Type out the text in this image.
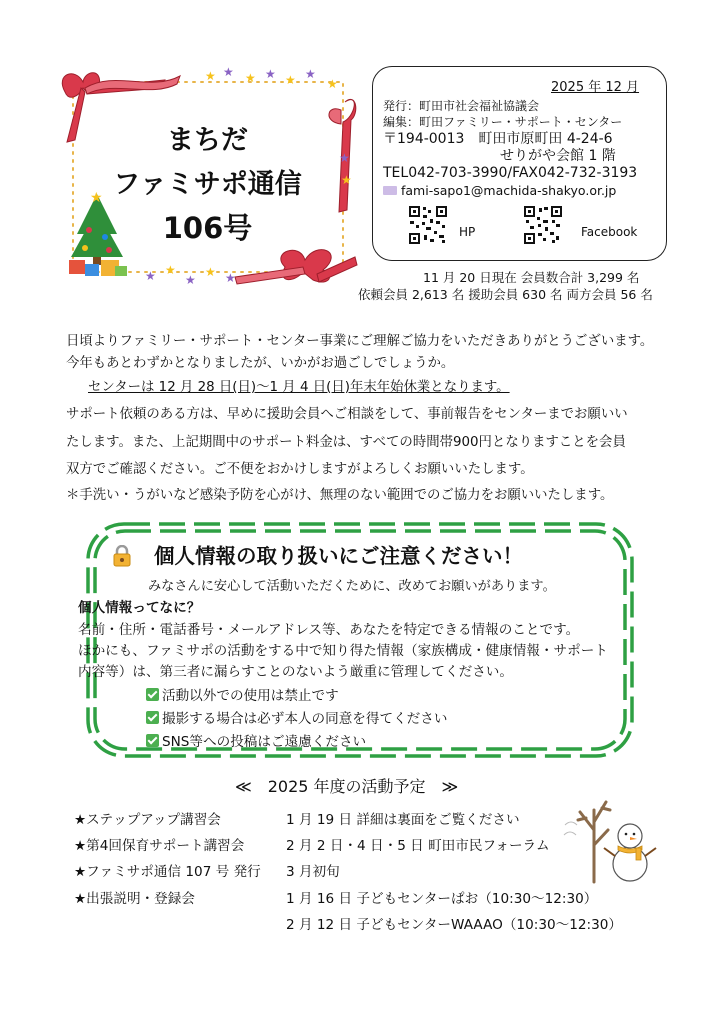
★ ★ ★ ★ ★ ★
★
★
★
★ ★
★
★ ★
★
まちだ
ファミサポ通信
106号
2025 年 12 月
発行：町田市社会福祉協議会
編集：町田ファミリー・サポート・センター
〒194-0013　町田市原町田 4-24-6
せりがや会館 1 階
TEL042-703-3990/FAX042-732-3193
fami-sapo1@machida-shakyo.or.jp
HP	Facebook
11 月 20 日現在 会員数合計 3,299 名
依頼会員 2,613 名 援助会員 630 名 両方会員 56 名
日頃よりファミリー・サポート・センター事業にご理解ご協力をいただきありがとうございます。
今年もあとわずかとなりましたが、いかがお過ごしでしょうか。
センターは 12 月 28 日(日)～1 月 4 日(日)年末年始休業となります。
サポート依頼のある方は、早めに援助会員へご相談をして、事前報告をセンターまでお願いい
たします。また、上記期間中のサポート料金は、すべての時間帯900円となりますことを会員
双方でご確認ください。ご不便をおかけしますがよろしくお願いいたします。
＊手洗い・うがいなど感染予防を心がけ、無理のない範囲でのご協力をお願いいたします。
個人情報の取り扱いにご注意ください！
みなさんに安心して活動いただくために、改めてお願いがあります。
個人情報ってなに？
名前・住所・電話番号・メールアドレス等、あなたを特定できる情報のことです。
ほかにも、ファミサポの活動をする中で知り得た情報（家族構成・健康情報・サポート
内容等）は、第三者に漏らすことのないよう厳重に管理してください。
活動以外での使用は禁止です
撮影する場合は必ず本人の同意を得てください
SNS等への投稿はご遠慮ください
≪　2025 年度の活動予定　≫
★ステップアップ講習会	1 月 19 日 詳細は裏面をご覧ください
★第4回保育サポート講習会	2 月 2 日・4 日・5 日 町田市民フォーラム
★ファミサポ通信 107 号 発行 3 月初旬
★出張説明・登録会	1 月 16 日 子どもセンターぱお（10:30～12:30）
2 月 12 日 子どもセンターWAAAO（10:30～12:30）
